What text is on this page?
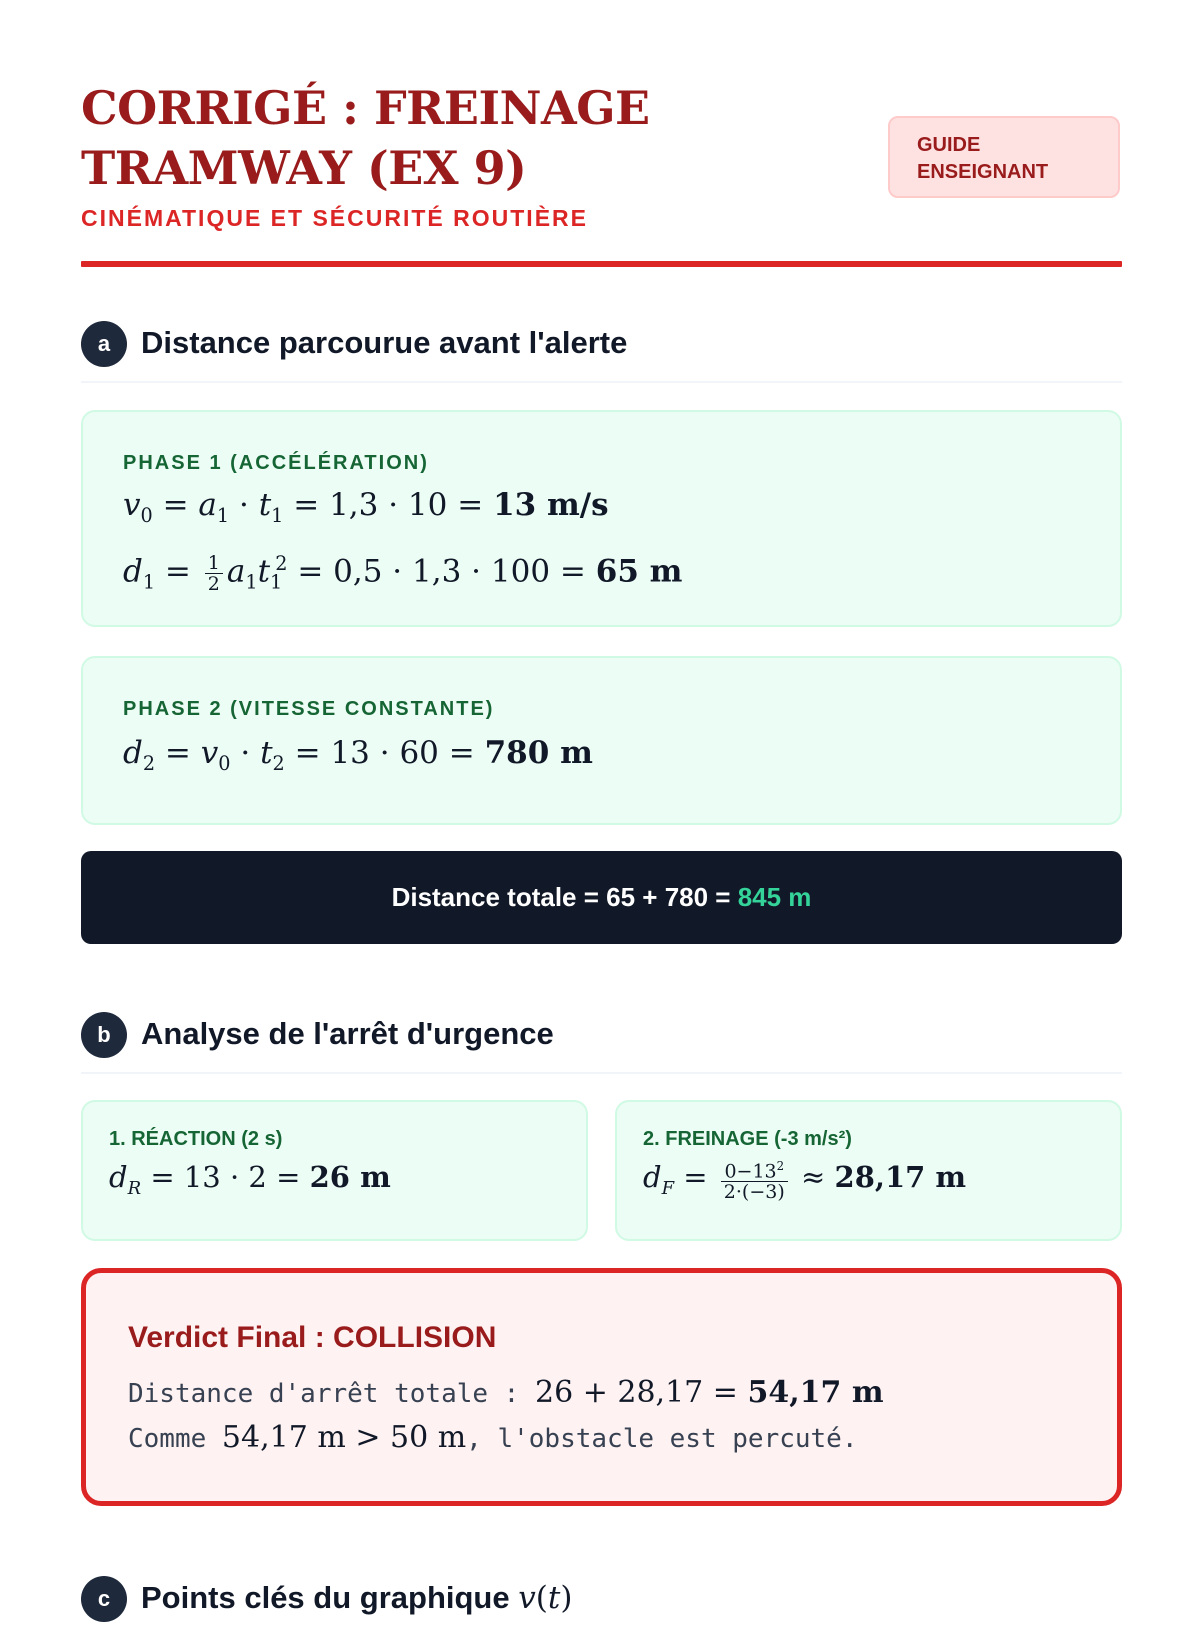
CORRIGÉ : FREINAGE TRAMWAY (EX 9)
CINÉMATIQUE ET SÉCURITÉ ROUTIÈRE
GUIDE ENSEIGNANT
a Distance parcourue avant l'alerte
PHASE 1 (ACCÉLÉRATION)
$v_0 = a_1 \cdot t_1 = 1,3 \cdot 10 = 13$ m/s
$d_1 = \frac{1}{2} a_1t_1^2 = 0,5 \cdot 1,3 \cdot 100 = 65$ m
PHASE 2 (VITESSE CONSTANTE)
$d_2 = v_0 \cdot t_2 = 13 \cdot 60 = 780$ m
Distance totale = 65 + 780 = 845 m
b Analyse de l'arrêt d'urgence
1. RÉACTION (2 s)
$d_R = 13 \cdot 2 = 26$ m
2. FREINAGE (-3 m/s²)
$d_F = \frac{0-13^2}{2\cdot(-3)} \approx 28,17$ m
Verdict Final : COLLISION
Distance d'arrêt totale : 26 + 28,17 = 54,17 m
Comme 54,17 m > 50 m, l'obstacle est percuté.
c Points clés du graphique v(t)
